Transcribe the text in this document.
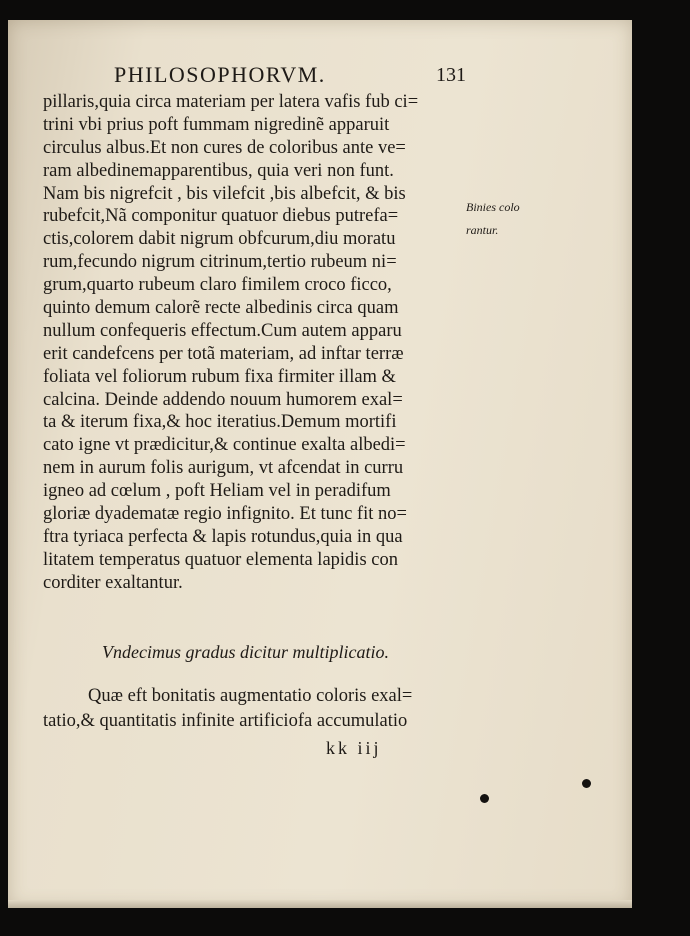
PHILOSOPHORVM.	131
pillaris,quia circa materiam per latera vafis fub ci=
trini vbi prius poft fummam nigredinẽ apparuit
circulus albus.Et non cures de coloribus ante ve=
ram albedinemapparentibus, quia veri non funt.
Nam bis nigrefcit , bis vilefcit ,bis albefcit, & bis
rubefcit,Nã componitur quatuor diebus putrefa=
ctis,colorem dabit nigrum obfcurum,diu moratu
rum,fecundo nigrum citrinum,tertio rubeum ni=
grum,quarto rubeum claro fimilem croco ficco,
quinto demum calorẽ recte albedinis circa quam
nullum confequeris effectum.Cum autem apparu
erit candefcens per totã materiam, ad inftar terræ
foliata vel foliorum rubum fixa firmiter illam &
calcina. Deinde addendo nouum humorem exal=
ta & iterum fixa,& hoc iteratius.Demum mortifi
cato igne vt prædicitur,& continue exalta albedi=
nem in aurum folis aurigum, vt afcendat in curru
igneo ad cœlum , poft Heliam vel in peradifum
gloriæ dyadematæ regio infignito. Et tunc fit no=
ftra tyriaca perfecta & lapis rotundus,quia in qua
litatem temperatus quatuor elementa lapidis con
corditer exaltantur.
Binies colo
rantur.
Vndecimus gradus dicitur multiplicatio.
Quæ eft bonitatis augmentatio coloris exal=
tatio,& quantitatis infinite artificiofa accumulatio
kk iij
